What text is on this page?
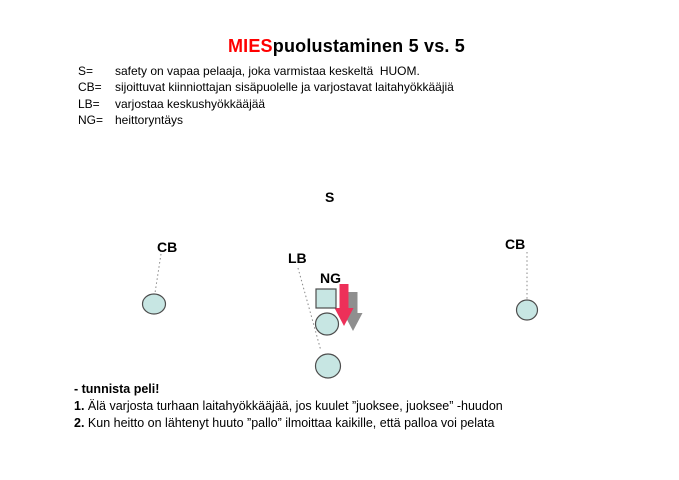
MIESpuolustaminen 5 vs. 5
S=	safety on vapaa pelaaja, joka varmistaa keskeltä  HUOM.
CB=	sijoittuvat kiinniottajan sisäpuolelle ja varjostavat laitahyökkääjiä
LB=	varjostaa keskushyökkääjää
NG= heittoryntäys
S
CB
LB
NG
CB
- tunnista peli!
1. Älä varjosta turhaan laitahyökkääjää, jos kuulet ”juoksee, juoksee” -huudon
2. Kun heitto on lähtenyt huuto ”pallo” ilmoittaa kaikille, että palloa voi pelata
